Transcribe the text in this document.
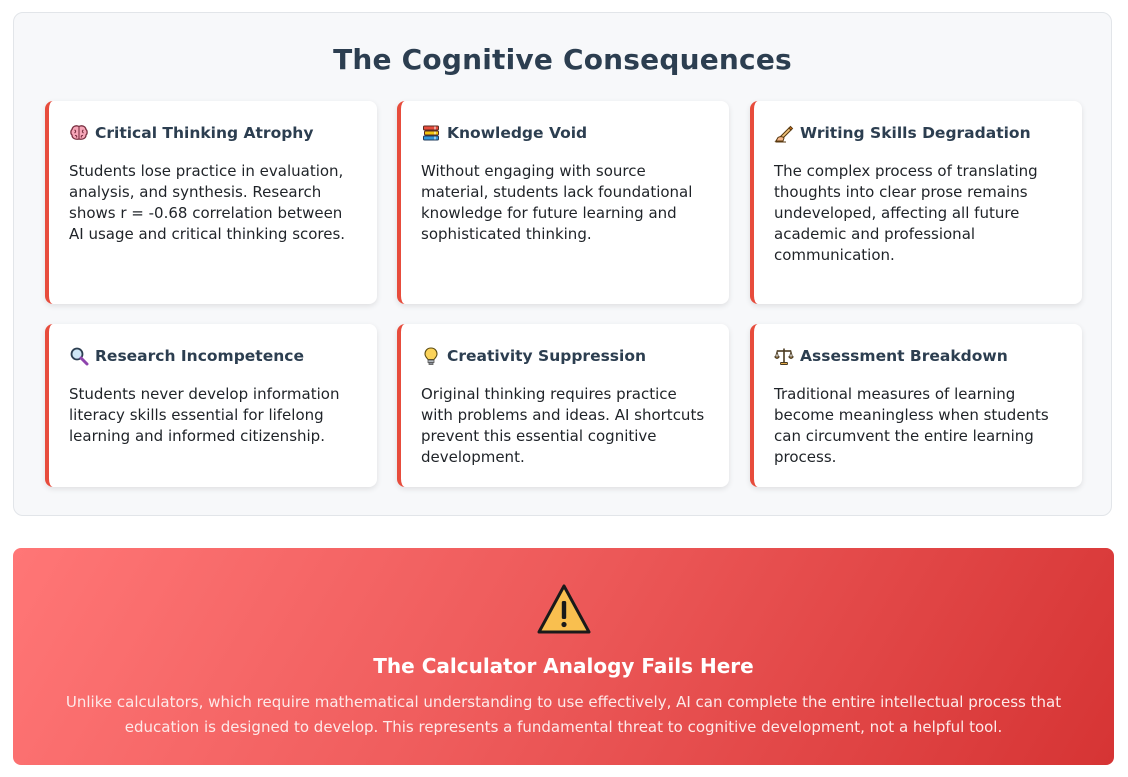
The Cognitive Consequences
Critical Thinking Atrophy
Students lose practice in evaluation, analysis, and synthesis. Research shows r = -0.68 correlation between AI usage and critical thinking scores.
Knowledge Void
Without engaging with source material, students lack foundational knowledge for future learning and sophisticated thinking.
Writing Skills Degradation
The complex process of translating thoughts into clear prose remains undeveloped, affecting all future academic and professional communication.
Research Incompetence
Students never develop information literacy skills essential for lifelong learning and informed citizenship.
Creativity Suppression
Original thinking requires practice with problems and ideas. AI shortcuts prevent this essential cognitive development.
Assessment Breakdown
Traditional measures of learning become meaningless when students can circumvent the entire learning process.
The Calculator Analogy Fails Here
Unlike calculators, which require mathematical understanding to use effectively, AI can complete the entire intellectual process that education is designed to develop. This represents a fundamental threat to cognitive development, not a helpful tool.
